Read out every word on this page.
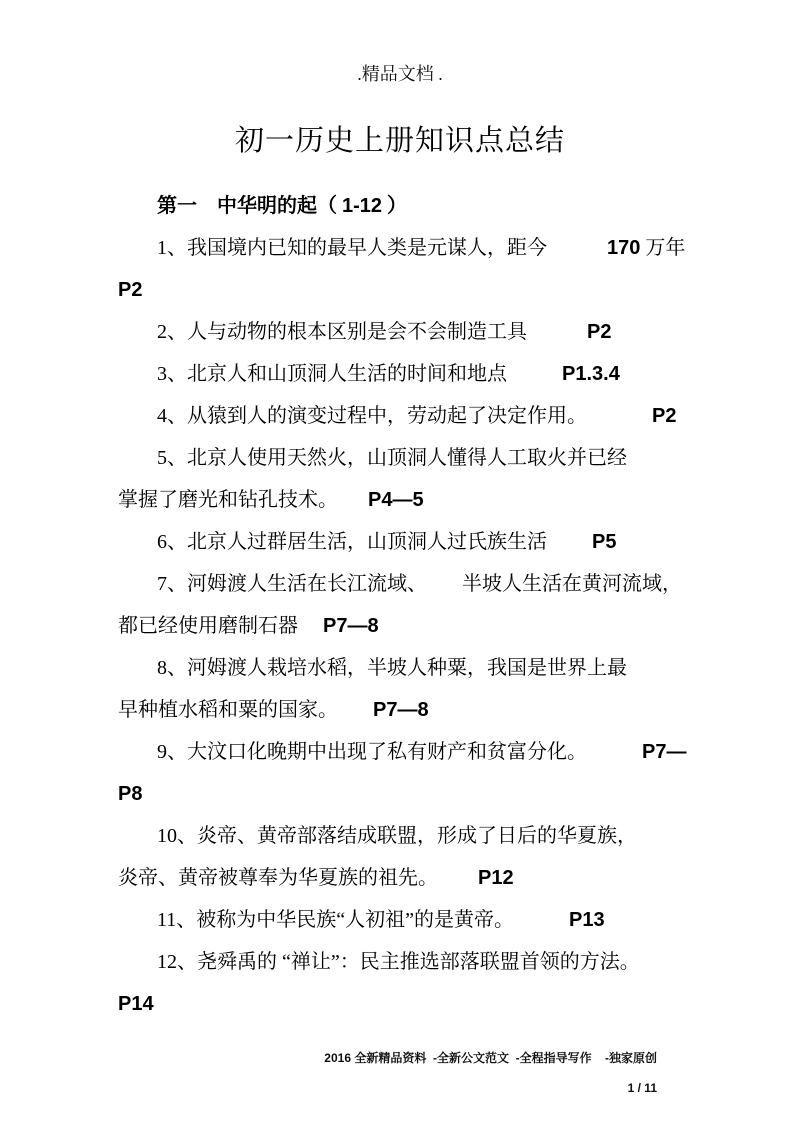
.精品文档 .
初一历史上册知识点总结
第一　中华明的起（ 1-12 ）
1、我国境内已知的最早人类是元谋人，距今            170 万年
P2
2、人与动物的根本区别是会不会制造工具            P2
3、北京人和山顶洞人生活的时间和地点           P1.3.4
4、从猿到人的演变过程中，劳动起了决定作用。             P2
5、北京人使用天然火，山顶洞人懂得人工取火并已经
掌握了磨光和钻孔技术。      P4—5
6、北京人过群居生活，山顶洞人过氏族生活         P5
7、河姆渡人生活在长江流域、       半坡人生活在黄河流域，
都已经使用磨制石器     P7—8
8、河姆渡人栽培水稻，半坡人种粟，我国是世界上最
早种植水稻和粟的国家。       P7—8
9、大汶口化晚期中出现了私有财产和贫富分化。           P7—
P8
10、炎帝、黄帝部落结成联盟，形成了日后的华夏族，
炎帝、黄帝被尊奉为华夏族的祖先。        P12
11、被称为中华民族“人初祖”的是黄帝。           P13
12、尧舜禹的 “禅让”：民主推选部落联盟首领的方法。
P14

2016 全新精品资料  -全新公文范文  -全程指导写作    -独家原创

1 / 11
